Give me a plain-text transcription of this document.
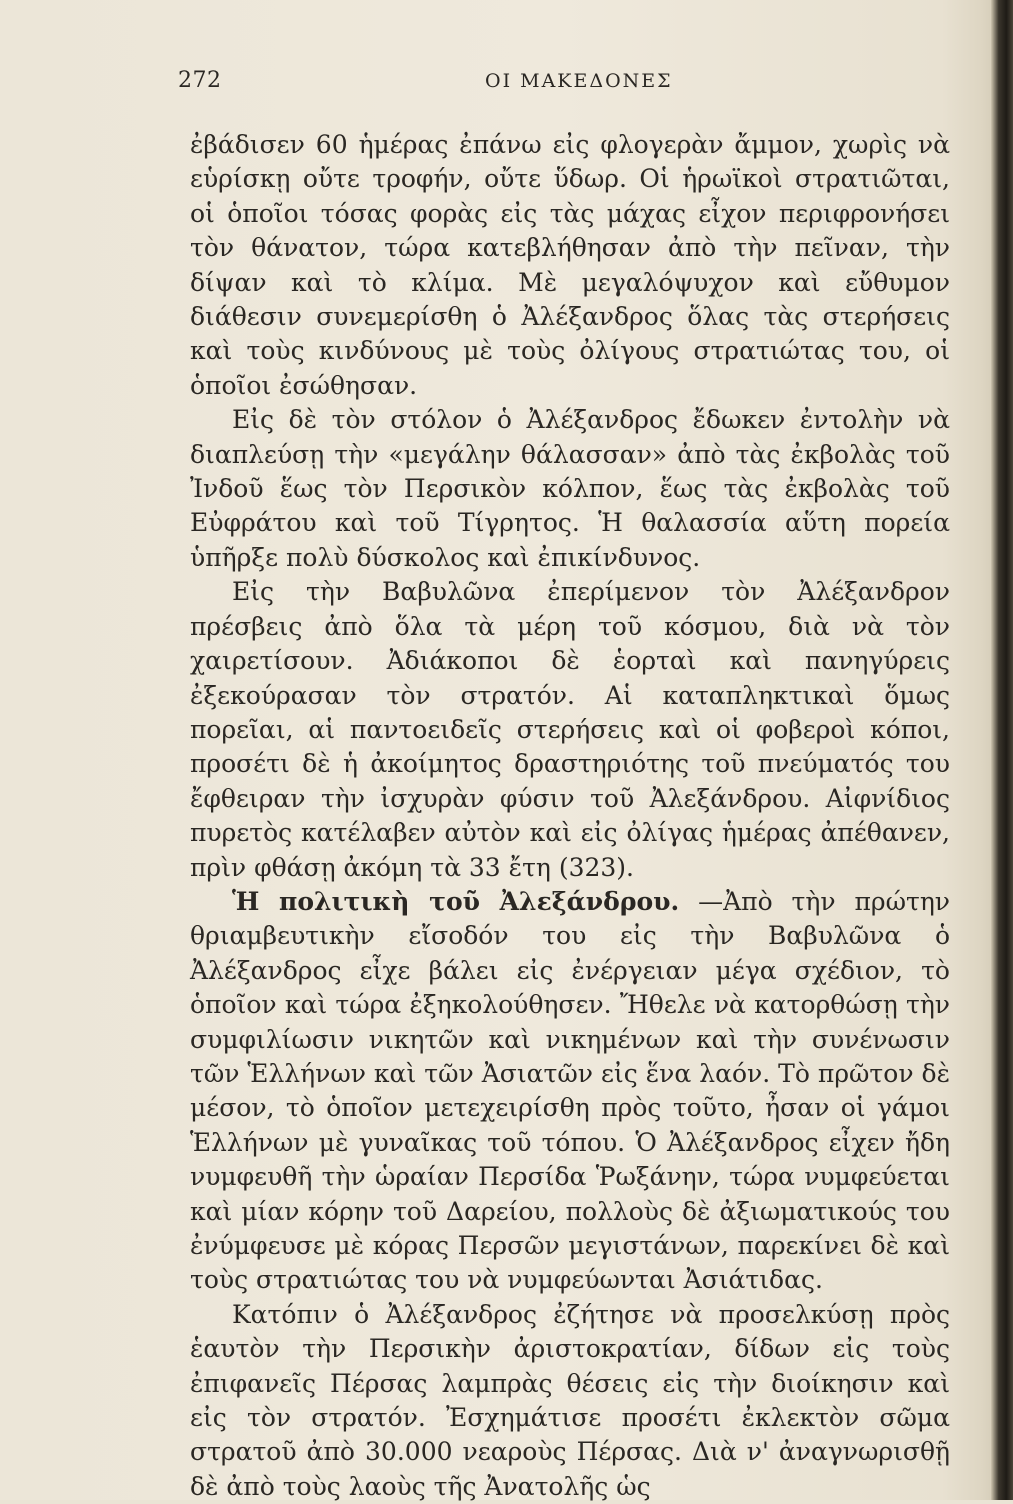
272	ΟΙ ΜΑΚΕΔΟΝΕΣ

ἐβάδισεν 60 ἡμέρας ἐπάνω εἰς φλογερὰν ἄμμον, χωρὶς νὰ εὑρίσκῃ οὔτε τροφήν, οὔτε ὕδωρ. Οἱ ἡρωϊκοὶ στρατιῶται, οἱ ὁποῖοι τόσας φορὰς εἰς τὰς μάχας εἶχον περιφρονήσει τὸν θάνατον, τώρα κατεβλήθησαν ἀπὸ τὴν πεῖναν, τὴν δίψαν καὶ τὸ κλίμα. Μὲ μεγαλόψυχον καὶ εὔθυμον διάθεσιν συνεμερίσθη ὁ Ἀλέξανδρος ὅλας τὰς στερήσεις καὶ τοὺς κινδύνους μὲ τοὺς ὀλίγους στρατιώτας του, οἱ ὁποῖοι ἐσώθησαν.

Εἰς δὲ τὸν στόλον ὁ Ἀλέξανδρος ἔδωκεν ἐντολὴν νὰ διαπλεύσῃ τὴν «μεγάλην θάλασσαν» ἀπὸ τὰς ἐκβολὰς τοῦ Ἰνδοῦ ἕως τὸν Περσικὸν κόλπον, ἕως τὰς ἐκβολὰς τοῦ Εὐφράτου καὶ τοῦ Τίγρητος. Ἡ θαλασσία αὕτη πορεία ὑπῆρξε πολὺ δύσκολος καὶ ἐπικίνδυνος.

Εἰς τὴν Βαβυλῶνα ἐπερίμενον τὸν Ἀλέξανδρον πρέσβεις ἀπὸ ὅλα τὰ μέρη τοῦ κόσμου, διὰ νὰ τὸν χαιρετίσουν. Ἀδιάκοποι δὲ ἑορταὶ καὶ πανηγύρεις ἐξεκούρασαν τὸν στρατόν. Αἱ καταπληκτικαὶ ὅμως πορεῖαι, αἱ παντοειδεῖς στερήσεις καὶ οἱ φοβεροὶ κόποι, προσέτι δὲ ἡ ἀκοίμητος δραστηριότης τοῦ πνεύματός του ἔφθειραν τὴν ἰσχυρὰν φύσιν τοῦ Ἀλεξάνδρου. Αἰφνίδιος πυρετὸς κατέλαβεν αὐτὸν καὶ εἰς ὀλίγας ἡμέρας ἀπέθανεν, πρὶν φθάσῃ ἀκόμη τὰ 33 ἔτη (323).

Ἡ πολιτικὴ τοῦ Ἀλεξάνδρου. —Ἀπὸ τὴν πρώτην θριαμβευτικὴν εἴσοδόν του εἰς τὴν Βαβυλῶνα ὁ Ἀλέξανδρος εἶχε βάλει εἰς ἐνέργειαν μέγα σχέδιον, τὸ ὁποῖον καὶ τώρα ἐξηκολούθησεν. Ἤθελε νὰ κατορθώσῃ τὴν συμφιλίωσιν νικητῶν καὶ νικημένων καὶ τὴν συνένωσιν τῶν Ἑλλήνων καὶ τῶν Ἀσιατῶν εἰς ἕνα λαόν. Τὸ πρῶτον δὲ μέσον, τὸ ὁποῖον μετεχειρίσθη πρὸς τοῦτο, ἦσαν οἱ γάμοι Ἑλλήνων μὲ γυναῖκας τοῦ τόπου. Ὁ Ἀλέξανδρος εἶχεν ἤδη νυμφευθῆ τὴν ὡραίαν Περσίδα Ῥωξάνην, τώρα νυμφεύεται καὶ μίαν κόρην τοῦ Δαρείου, πολλοὺς δὲ ἀξιωματικούς του ἐνύμφευσε μὲ κόρας Περσῶν μεγιστάνων, παρεκίνει δὲ καὶ τοὺς στρατιώτας του νὰ νυμφεύωνται Ἀσιάτιδας.

Κατόπιν ὁ Ἀλέξανδρος ἐζήτησε νὰ προσελκύσῃ πρὸς ἑαυτὸν τὴν Περσικὴν ἀριστοκρατίαν, δίδων εἰς τοὺς ἐπιφανεῖς Πέρσας λαμπρὰς θέσεις εἰς τὴν διοίκησιν καὶ εἰς τὸν στρατόν. Ἐσχημάτισε προσέτι ἐκλεκτὸν σῶμα στρατοῦ ἀπὸ 30.000 νεαροὺς Πέρσας. Διὰ ν' ἀναγνωρισθῇ δὲ ἀπὸ τοὺς λαοὺς τῆς Ἀνατολῆς ὡς
